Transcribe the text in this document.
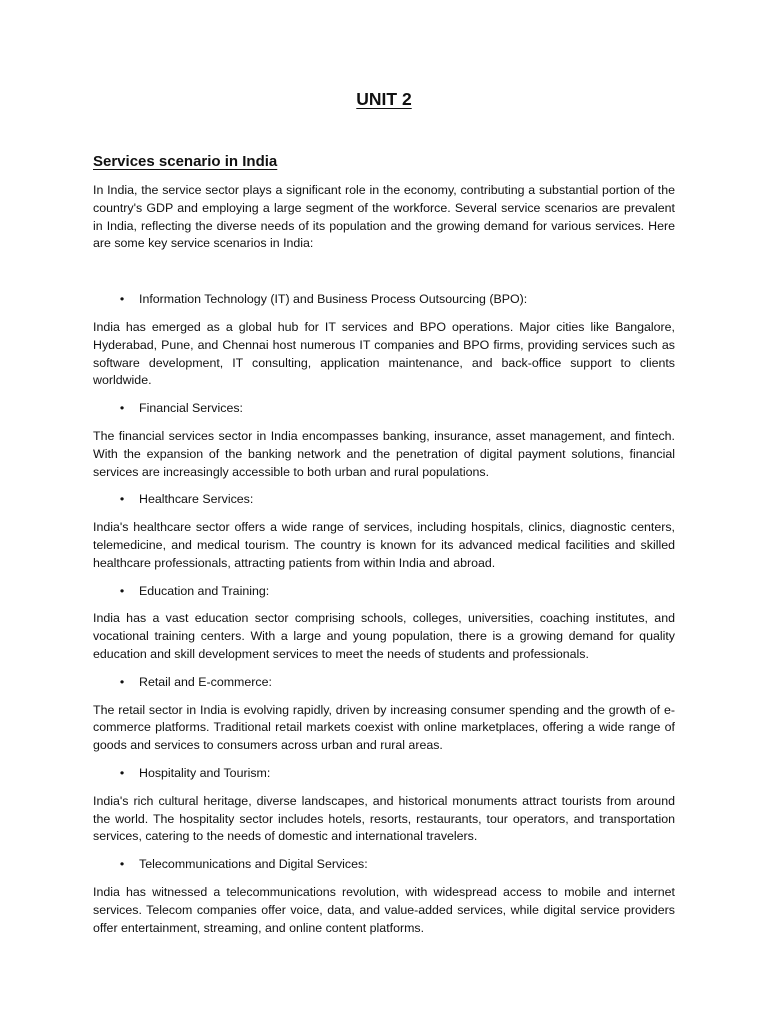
UNIT 2
Services scenario in India

In India, the service sector plays a significant role in the economy, contributing a substantial portion of the country's GDP and employing a large segment of the workforce. Several service scenarios are prevalent in India, reflecting the diverse needs of its population and the growing demand for various services. Here are some key service scenarios in India:

• Information Technology (IT) and Business Process Outsourcing (BPO):

India has emerged as a global hub for IT services and BPO operations. Major cities like Bangalore, Hyderabad, Pune, and Chennai host numerous IT companies and BPO firms, providing services such as software development, IT consulting, application maintenance, and back-office support to clients worldwide.

• Financial Services:

The financial services sector in India encompasses banking, insurance, asset management, and fintech. With the expansion of the banking network and the penetration of digital payment solutions, financial services are increasingly accessible to both urban and rural populations.

• Healthcare Services:

India's healthcare sector offers a wide range of services, including hospitals, clinics, diagnostic centers, telemedicine, and medical tourism. The country is known for its advanced medical facilities and skilled healthcare professionals, attracting patients from within India and abroad.

• Education and Training:

India has a vast education sector comprising schools, colleges, universities, coaching institutes, and vocational training centers. With a large and young population, there is a growing demand for quality education and skill development services to meet the needs of students and professionals.

• Retail and E-commerce:

The retail sector in India is evolving rapidly, driven by increasing consumer spending and the growth of e-commerce platforms. Traditional retail markets coexist with online marketplaces, offering a wide range of goods and services to consumers across urban and rural areas.

• Hospitality and Tourism:

India's rich cultural heritage, diverse landscapes, and historical monuments attract tourists from around the world. The hospitality sector includes hotels, resorts, restaurants, tour operators, and transportation services, catering to the needs of domestic and international travelers.

• Telecommunications and Digital Services:

India has witnessed a telecommunications revolution, with widespread access to mobile and internet services. Telecom companies offer voice, data, and value-added services, while digital service providers offer entertainment, streaming, and online content platforms.
